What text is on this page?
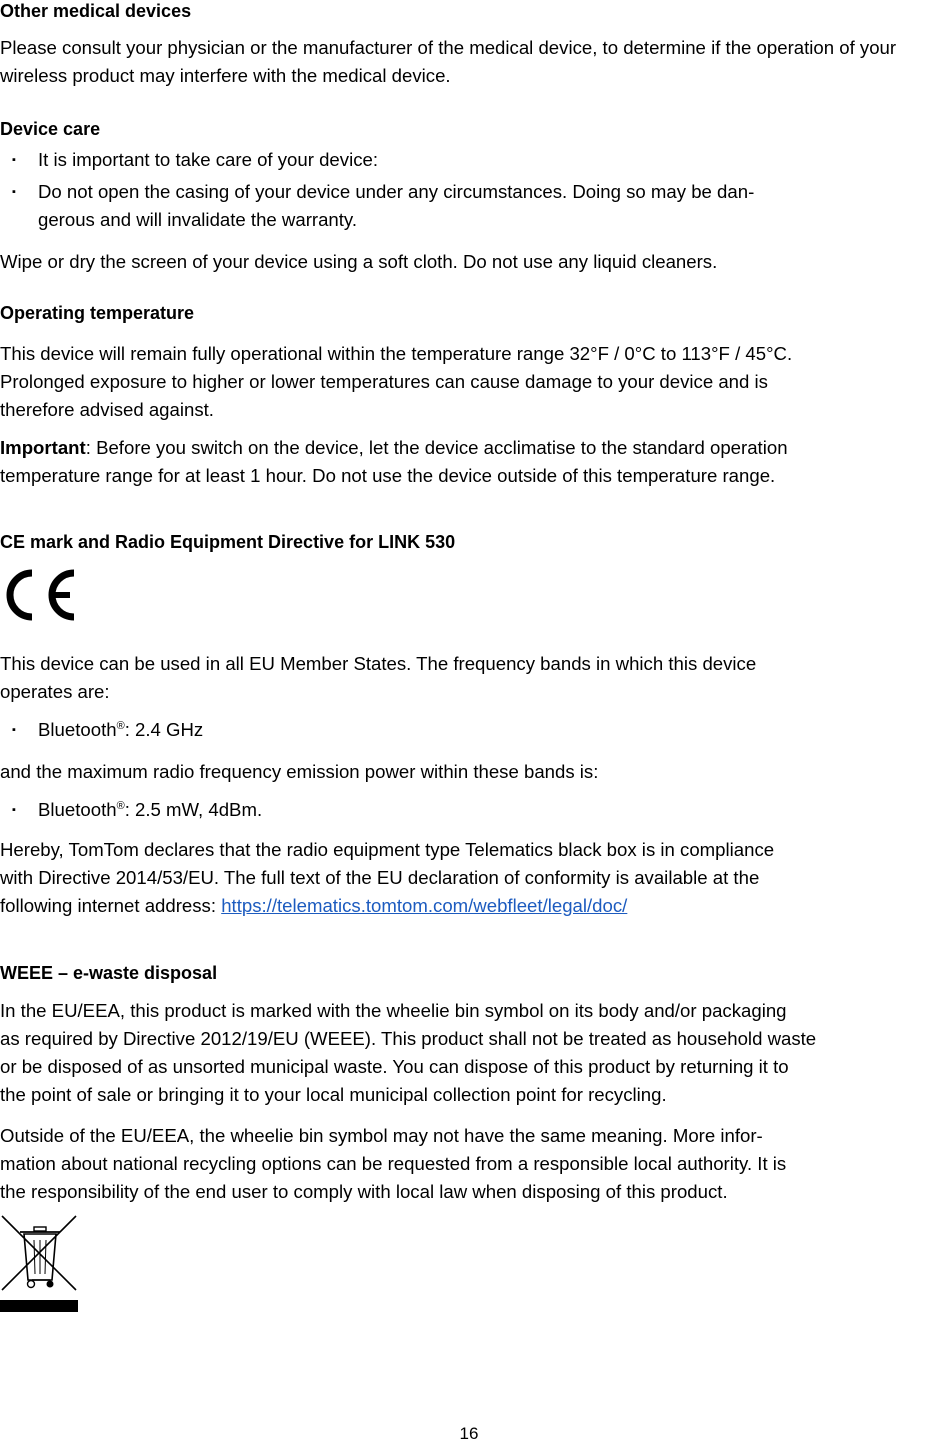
Other medical devices

Please consult your physician or the manufacturer of the medical device, to determine if the operation of your wireless product may interfere with the medical device.

Device care
▪ It is important to take care of your device:
▪ Do not open the casing of your device under any circumstances. Doing so may be dan-
gerous and will invalidate the warranty.

Wipe or dry the screen of your device using a soft cloth. Do not use any liquid cleaners.

Operating temperature

This device will remain fully operational within the temperature range 32°F / 0°C to 113°F / 45°C.
Prolonged exposure to higher or lower temperatures can cause damage to your device and is
therefore advised against.

Important: Before you switch on the device, let the device acclimatise to the standard operation
temperature range for at least 1 hour. Do not use the device outside of this temperature range.

CE mark and Radio Equipment Directive for LINK 530

This device can be used in all EU Member States. The frequency bands in which this device
operates are:

▪ Bluetooth®: 2.4 GHz

and the maximum radio frequency emission power within these bands is:

▪ Bluetooth®: 2.5 mW, 4dBm.

Hereby, TomTom declares that the radio equipment type Telematics black box is in compliance
with Directive 2014/53/EU. The full text of the EU declaration of conformity is available at the
following internet address: https://telematics.tomtom.com/webfleet/legal/doc/

WEEE – e-waste disposal

In the EU/EEA, this product is marked with the wheelie bin symbol on its body and/or packaging
as required by Directive 2012/19/EU (WEEE). This product shall not be treated as household waste
or be disposed of as unsorted municipal waste. You can dispose of this product by returning it to
the point of sale or bringing it to your local municipal collection point for recycling.

Outside of the EU/EEA, the wheelie bin symbol may not have the same meaning. More infor-
mation about national recycling options can be requested from a responsible local authority. It is
the responsibility of the end user to comply with local law when disposing of this product.

16
